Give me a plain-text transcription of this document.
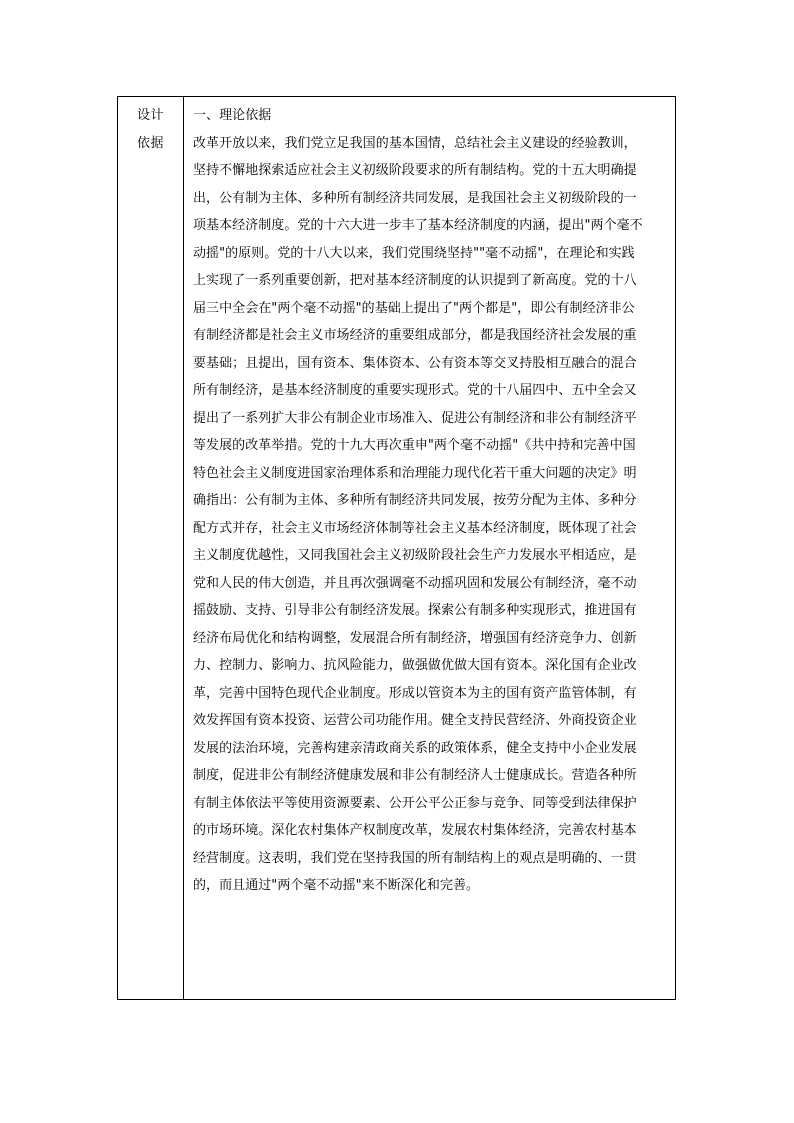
设计
依据
一、理论依据
改革开放以来，我们党立足我国的基本国情，总结社会主义建设的经验教训，
坚持不懈地探索适应社会主义初级阶段要求的所有制结构。党的十五大明确提
出，公有制为主体、多种所有制经济共同发展，是我国社会主义初级阶段的一
项基本经济制度。党的十六大进一步丰了基本经济制度的内涵，提出"两个毫不
动摇"的原则。党的十八大以来，我们党围绕坚持""毫不动摇"，在理论和实践
上实现了一系列重要创新，把对基本经济制度的认识提到了新高度。党的十八
届三中全会在"两个毫不动摇"的基础上提出了"两个都是"，即公有制经济非公
有制经济都是社会主义市场经济的重要组成部分，都是我国经济社会发展的重
要基础；且提出，国有资本、集体资本、公有资本等交叉持股相互融合的混合
所有制经济，是基本经济制度的重要实现形式。党的十八届四中、五中全会又
提出了一系列扩大非公有制企业市场准入、促进公有制经济和非公有制经济平
等发展的改革举措。党的十九大再次重申"两个毫不动摇"《共中持和完善中国
特色社会主义制度进国家治理体系和治理能力现代化若干重大问题的决定》明
确指出：公有制为主体、多种所有制经济共同发展，按劳分配为主体、多种分
配方式并存，社会主义市场经济体制等社会主义基本经济制度，既体现了社会
主义制度优越性，又同我国社会主义初级阶段社会生产力发展水平相适应，是
党和人民的伟大创造，并且再次强调毫不动摇巩固和发展公有制经济，毫不动
摇鼓励、支持、引导非公有制经济发展。探索公有制多种实现形式，推进国有
经济布局优化和结构调整，发展混合所有制经济，增强国有经济竞争力、创新
力、控制力、影响力、抗风险能力，做强做优做大国有资本。深化国有企业改
革，完善中国特色现代企业制度。形成以管资本为主的国有资产监管体制，有
效发挥国有资本投资、运营公司功能作用。健全支持民营经济、外商投资企业
发展的法治环境，完善构建亲清政商关系的政策体系，健全支持中小企业发展
制度，促进非公有制经济健康发展和非公有制经济人士健康成长。营造各种所
有制主体依法平等使用资源要素、公开公平公正参与竞争、同等受到法律保护
的市场环境。深化农村集体产权制度改革，发展农村集体经济，完善农村基本
经营制度。这表明，我们党在坚持我国的所有制结构上的观点是明确的、一贯
的，而且通过"两个毫不动摇"来不断深化和完善。
